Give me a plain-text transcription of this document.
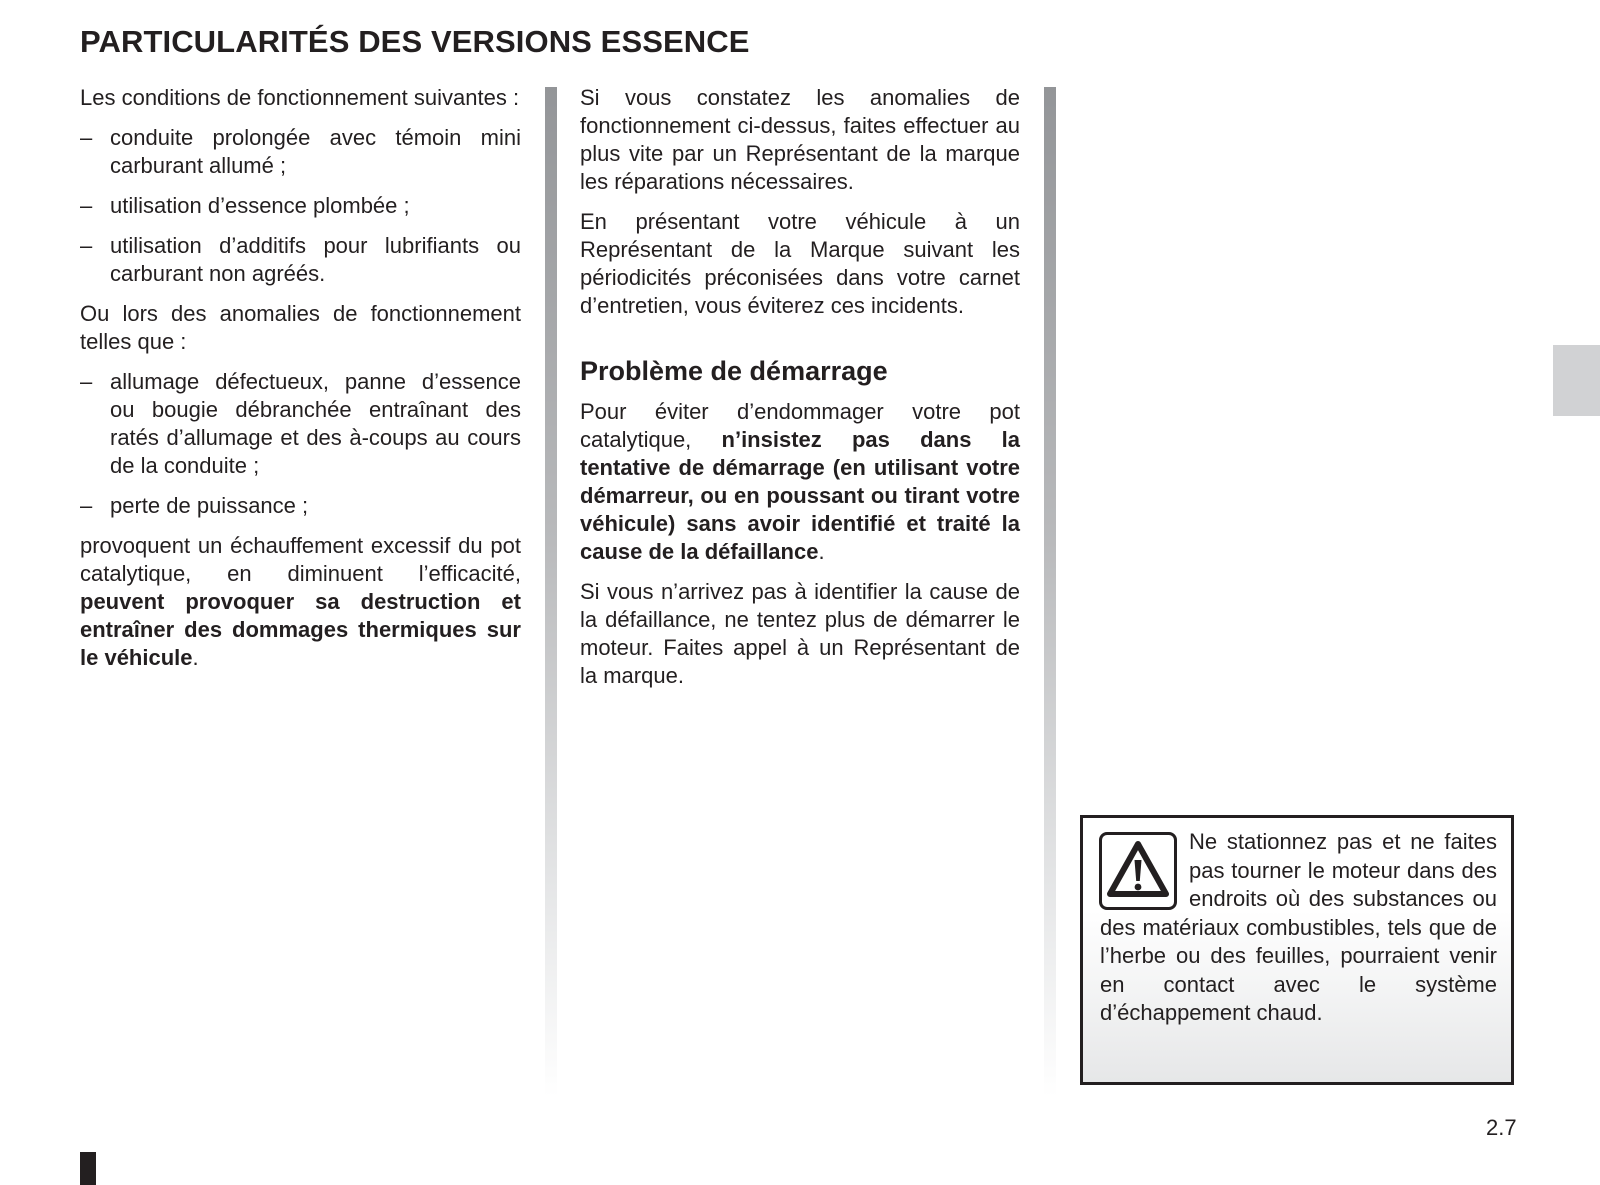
PARTICULARITÉS DES VERSIONS ESSENCE

Les conditions de fonctionnement suivantes :

– conduite prolongée avec témoin mini carburant allumé ;
– utilisation d’essence plombée ;
– utilisation d’additifs pour lubrifiants ou carburant non agréés.

Ou lors des anomalies de fonctionnement telles que :

– allumage défectueux, panne d’essence ou bougie débranchée entraînant des ratés d’allumage et des à-coups au cours de la conduite ;
– perte de puissance ;

provoquent un échauffement excessif du pot catalytique, en diminuent l’efficacité, peuvent provoquer sa destruction et entraîner des dommages thermiques sur le véhicule.

Si vous constatez les anomalies de fonctionnement ci-dessus, faites effectuer au plus vite par un Représentant de la marque les réparations nécessaires.

En présentant votre véhicule à un Représentant de la Marque suivant les périodicités préconisées dans votre carnet d’entretien, vous éviterez ces incidents.

Problème de démarrage

Pour éviter d’endommager votre pot catalytique, n’insistez pas dans la tentative de démarrage (en utilisant votre démarreur, ou en poussant ou tirant votre véhicule) sans avoir identifié et traité la cause de la défaillance.

Si vous n’arrivez pas à identifier la cause de la défaillance, ne tentez plus de démarrer le moteur. Faites appel à un Représentant de la marque.

Ne stationnez pas et ne faites pas tourner le moteur dans des endroits où des substances ou des matériaux combustibles, tels que de l’herbe ou des feuilles, pourraient venir en contact avec le système d’échappement chaud.
2.7
